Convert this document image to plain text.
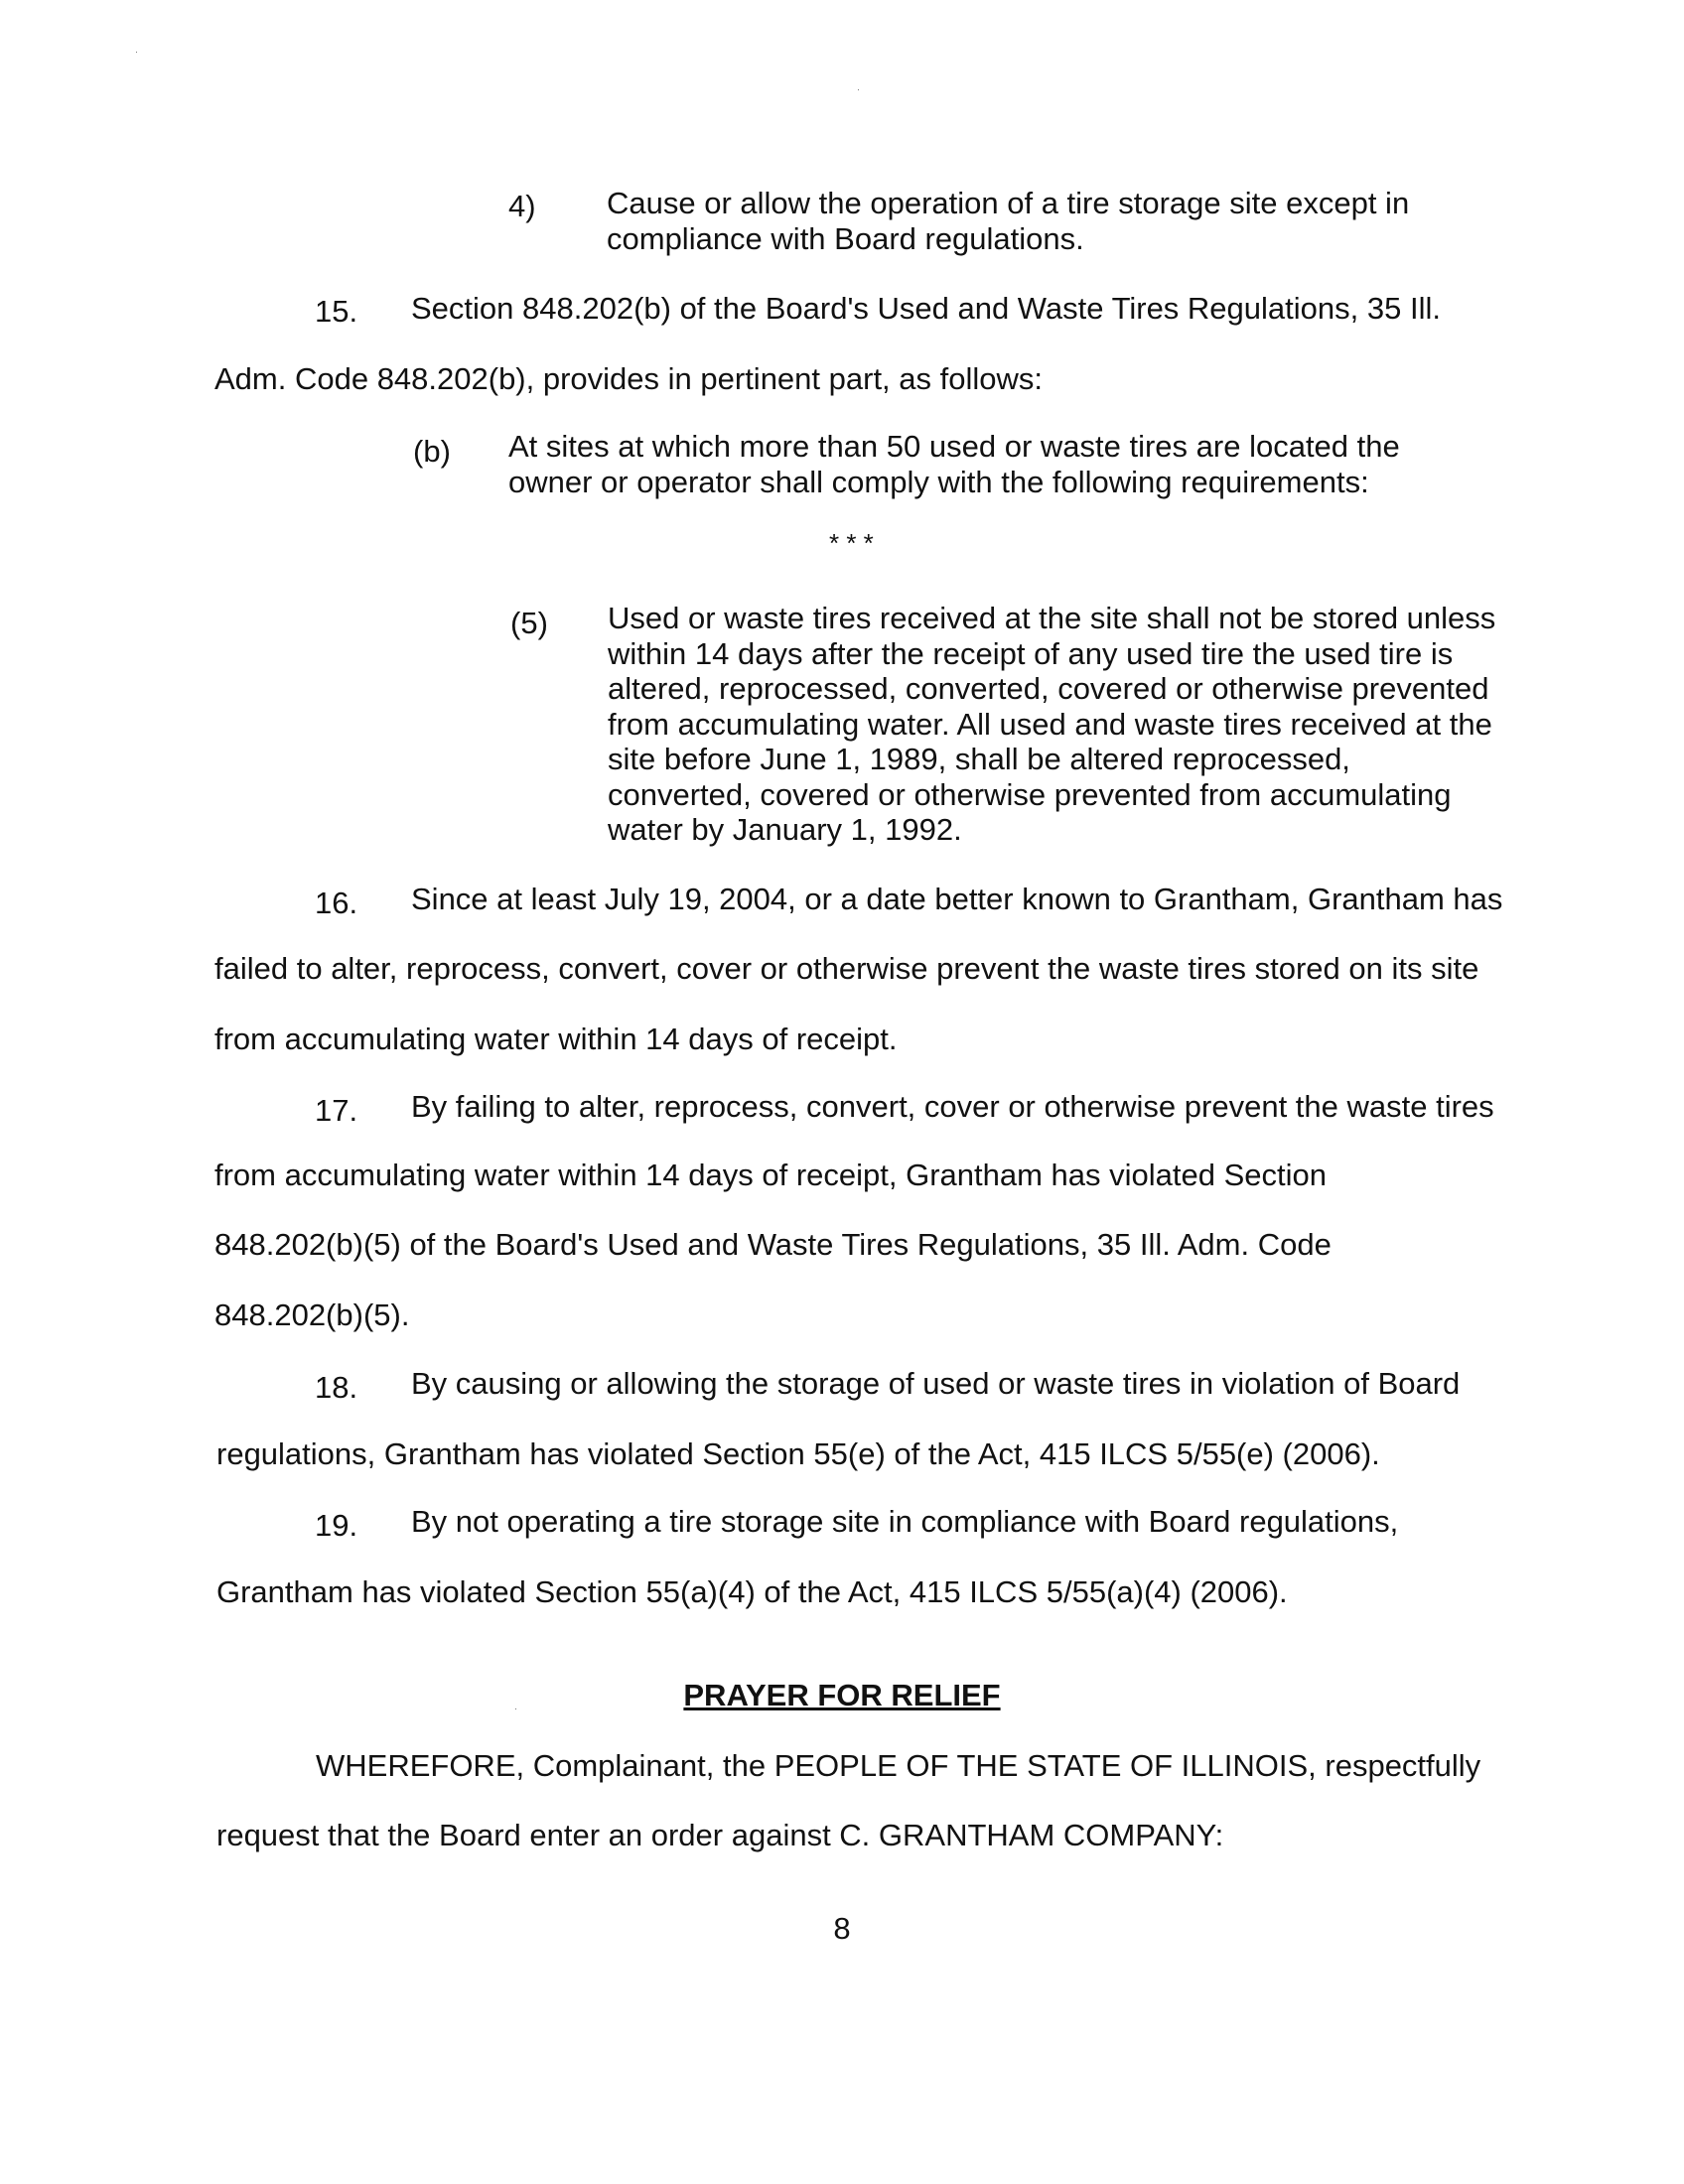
4) Cause or allow the operation of a tire storage site except in compliance with Board regulations.
15. Section 848.202(b) of the Board's Used and Waste Tires Regulations, 35 Ill.
Adm. Code 848.202(b), provides in pertinent part, as follows:
(b) At sites at which more than 50 used or waste tires are located the owner or operator shall comply with the following requirements:
* * *
(5) Used or waste tires received at the site shall not be stored unless within 14 days after the receipt of any used tire the used tire is altered, reprocessed, converted, covered or otherwise prevented from accumulating water. All used and waste tires received at the site before June 1, 1989, shall be altered reprocessed, converted, covered or otherwise prevented from accumulating water by January 1, 1992.
16. Since at least July 19, 2004, or a date better known to Grantham, Grantham has
failed to alter, reprocess, convert, cover or otherwise prevent the waste tires stored on its site
from accumulating water within 14 days of receipt.
17. By failing to alter, reprocess, convert, cover or otherwise prevent the waste tires
from accumulating water within 14 days of receipt, Grantham has violated Section
848.202(b)(5) of the Board's Used and Waste Tires Regulations, 35 Ill. Adm. Code
848.202(b)(5).
18. By causing or allowing the storage of used or waste tires in violation of Board
regulations, Grantham has violated Section 55(e) of the Act, 415 ILCS 5/55(e) (2006).
19. By not operating a tire storage site in compliance with Board regulations,
Grantham has violated Section 55(a)(4) of the Act, 415 ILCS 5/55(a)(4) (2006).
PRAYER FOR RELIEF
WHEREFORE, Complainant, the PEOPLE OF THE STATE OF ILLINOIS, respectfully
request that the Board enter an order against C. GRANTHAM COMPANY:
8
